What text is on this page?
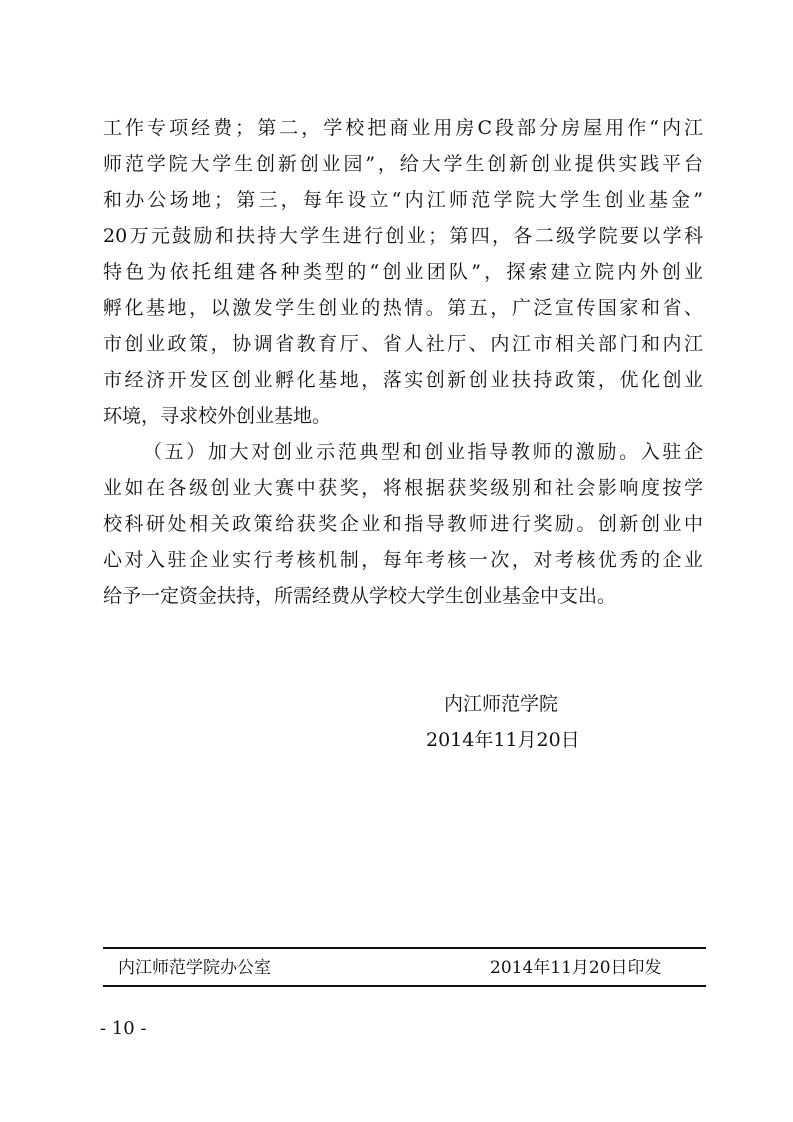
工作专项经费；第二，学校把商业用房C段部分房屋用作“内江
师范学院大学生创新创业园”，给大学生创新创业提供实践平台
和办公场地；第三，每年设立“内江师范学院大学生创业基金”
20万元鼓励和扶持大学生进行创业；第四，各二级学院要以学科
特色为依托组建各种类型的“创业团队”，探索建立院内外创业
孵化基地，以激发学生创业的热情。第五，广泛宣传国家和省、
市创业政策，协调省教育厅、省人社厅、内江市相关部门和内江
市经济开发区创业孵化基地，落实创新创业扶持政策，优化创业
环境，寻求校外创业基地。
（五）加大对创业示范典型和创业指导教师的激励。入驻企
业如在各级创业大赛中获奖，将根据获奖级别和社会影响度按学
校科研处相关政策给获奖企业和指导教师进行奖励。创新创业中
心对入驻企业实行考核机制，每年考核一次，对考核优秀的企业
给予一定资金扶持，所需经费从学校大学生创业基金中支出。
内江师范学院
2014年11月20日
内江师范学院办公室	2014年11月20日印发
- 10 -
